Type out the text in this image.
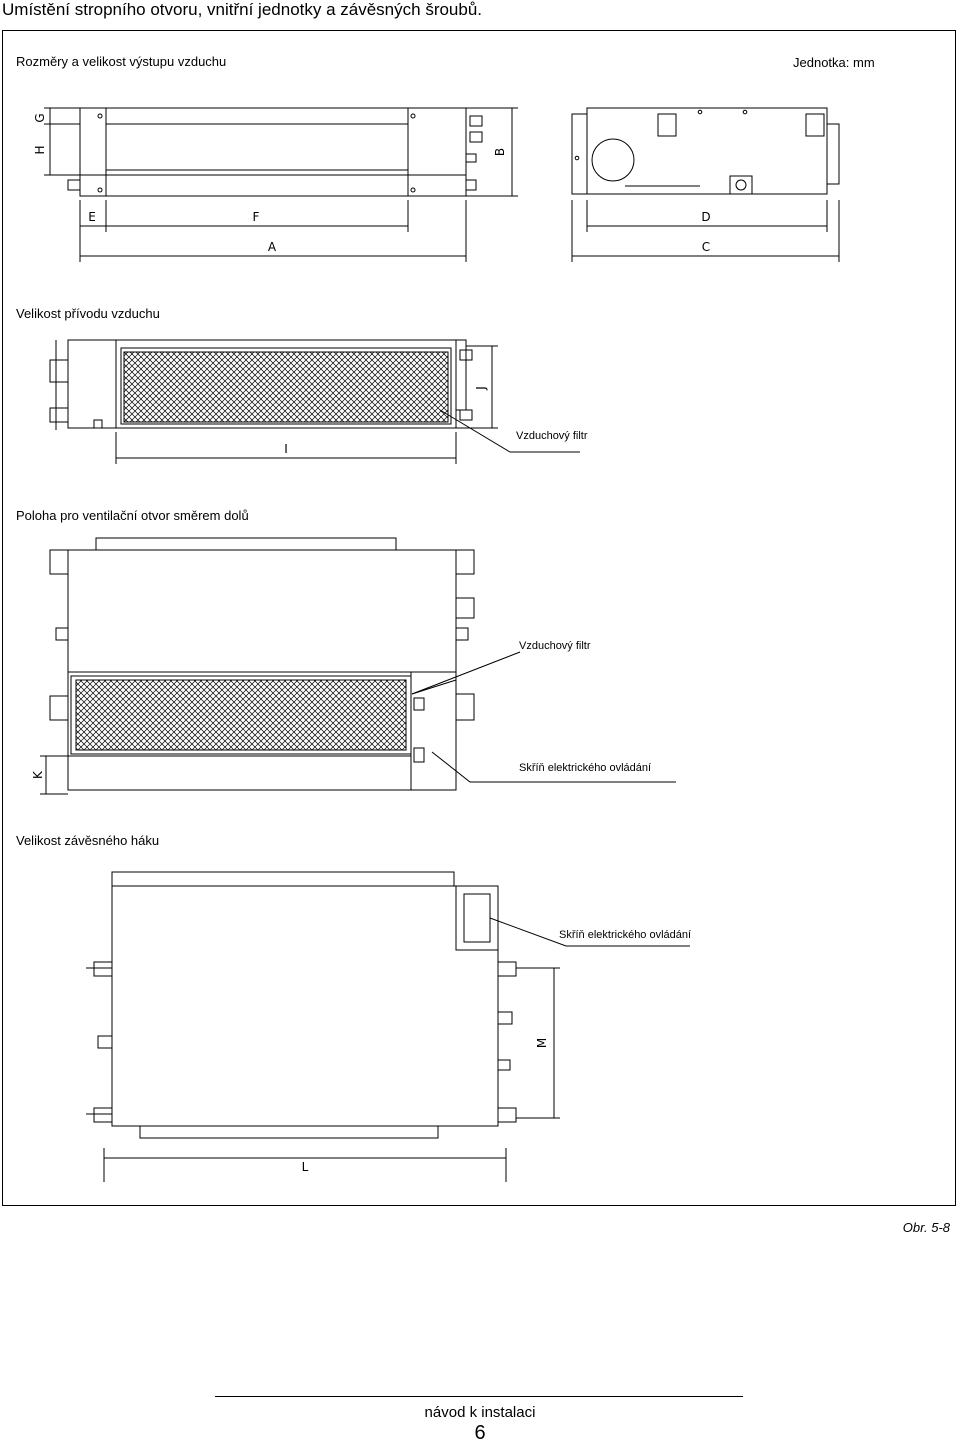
Umístění stropního otvoru, vnitřní jednotky a závěsných šroubů.
Rozměry a velikost výstupu vzduchu	Jednotka: mm
Velikost přívodu vzduchu
Vzduchový filtr
Poloha pro ventilační otvor směrem dolů
Vzduchový filtr
Skříň elektrického ovládání
Velikost závěsného háku
Skříň elektrického ovládání
G
H	B
E	F
A
D
C
J
I
K
M
L
Obr. 5-8
návod k instalaci
6
